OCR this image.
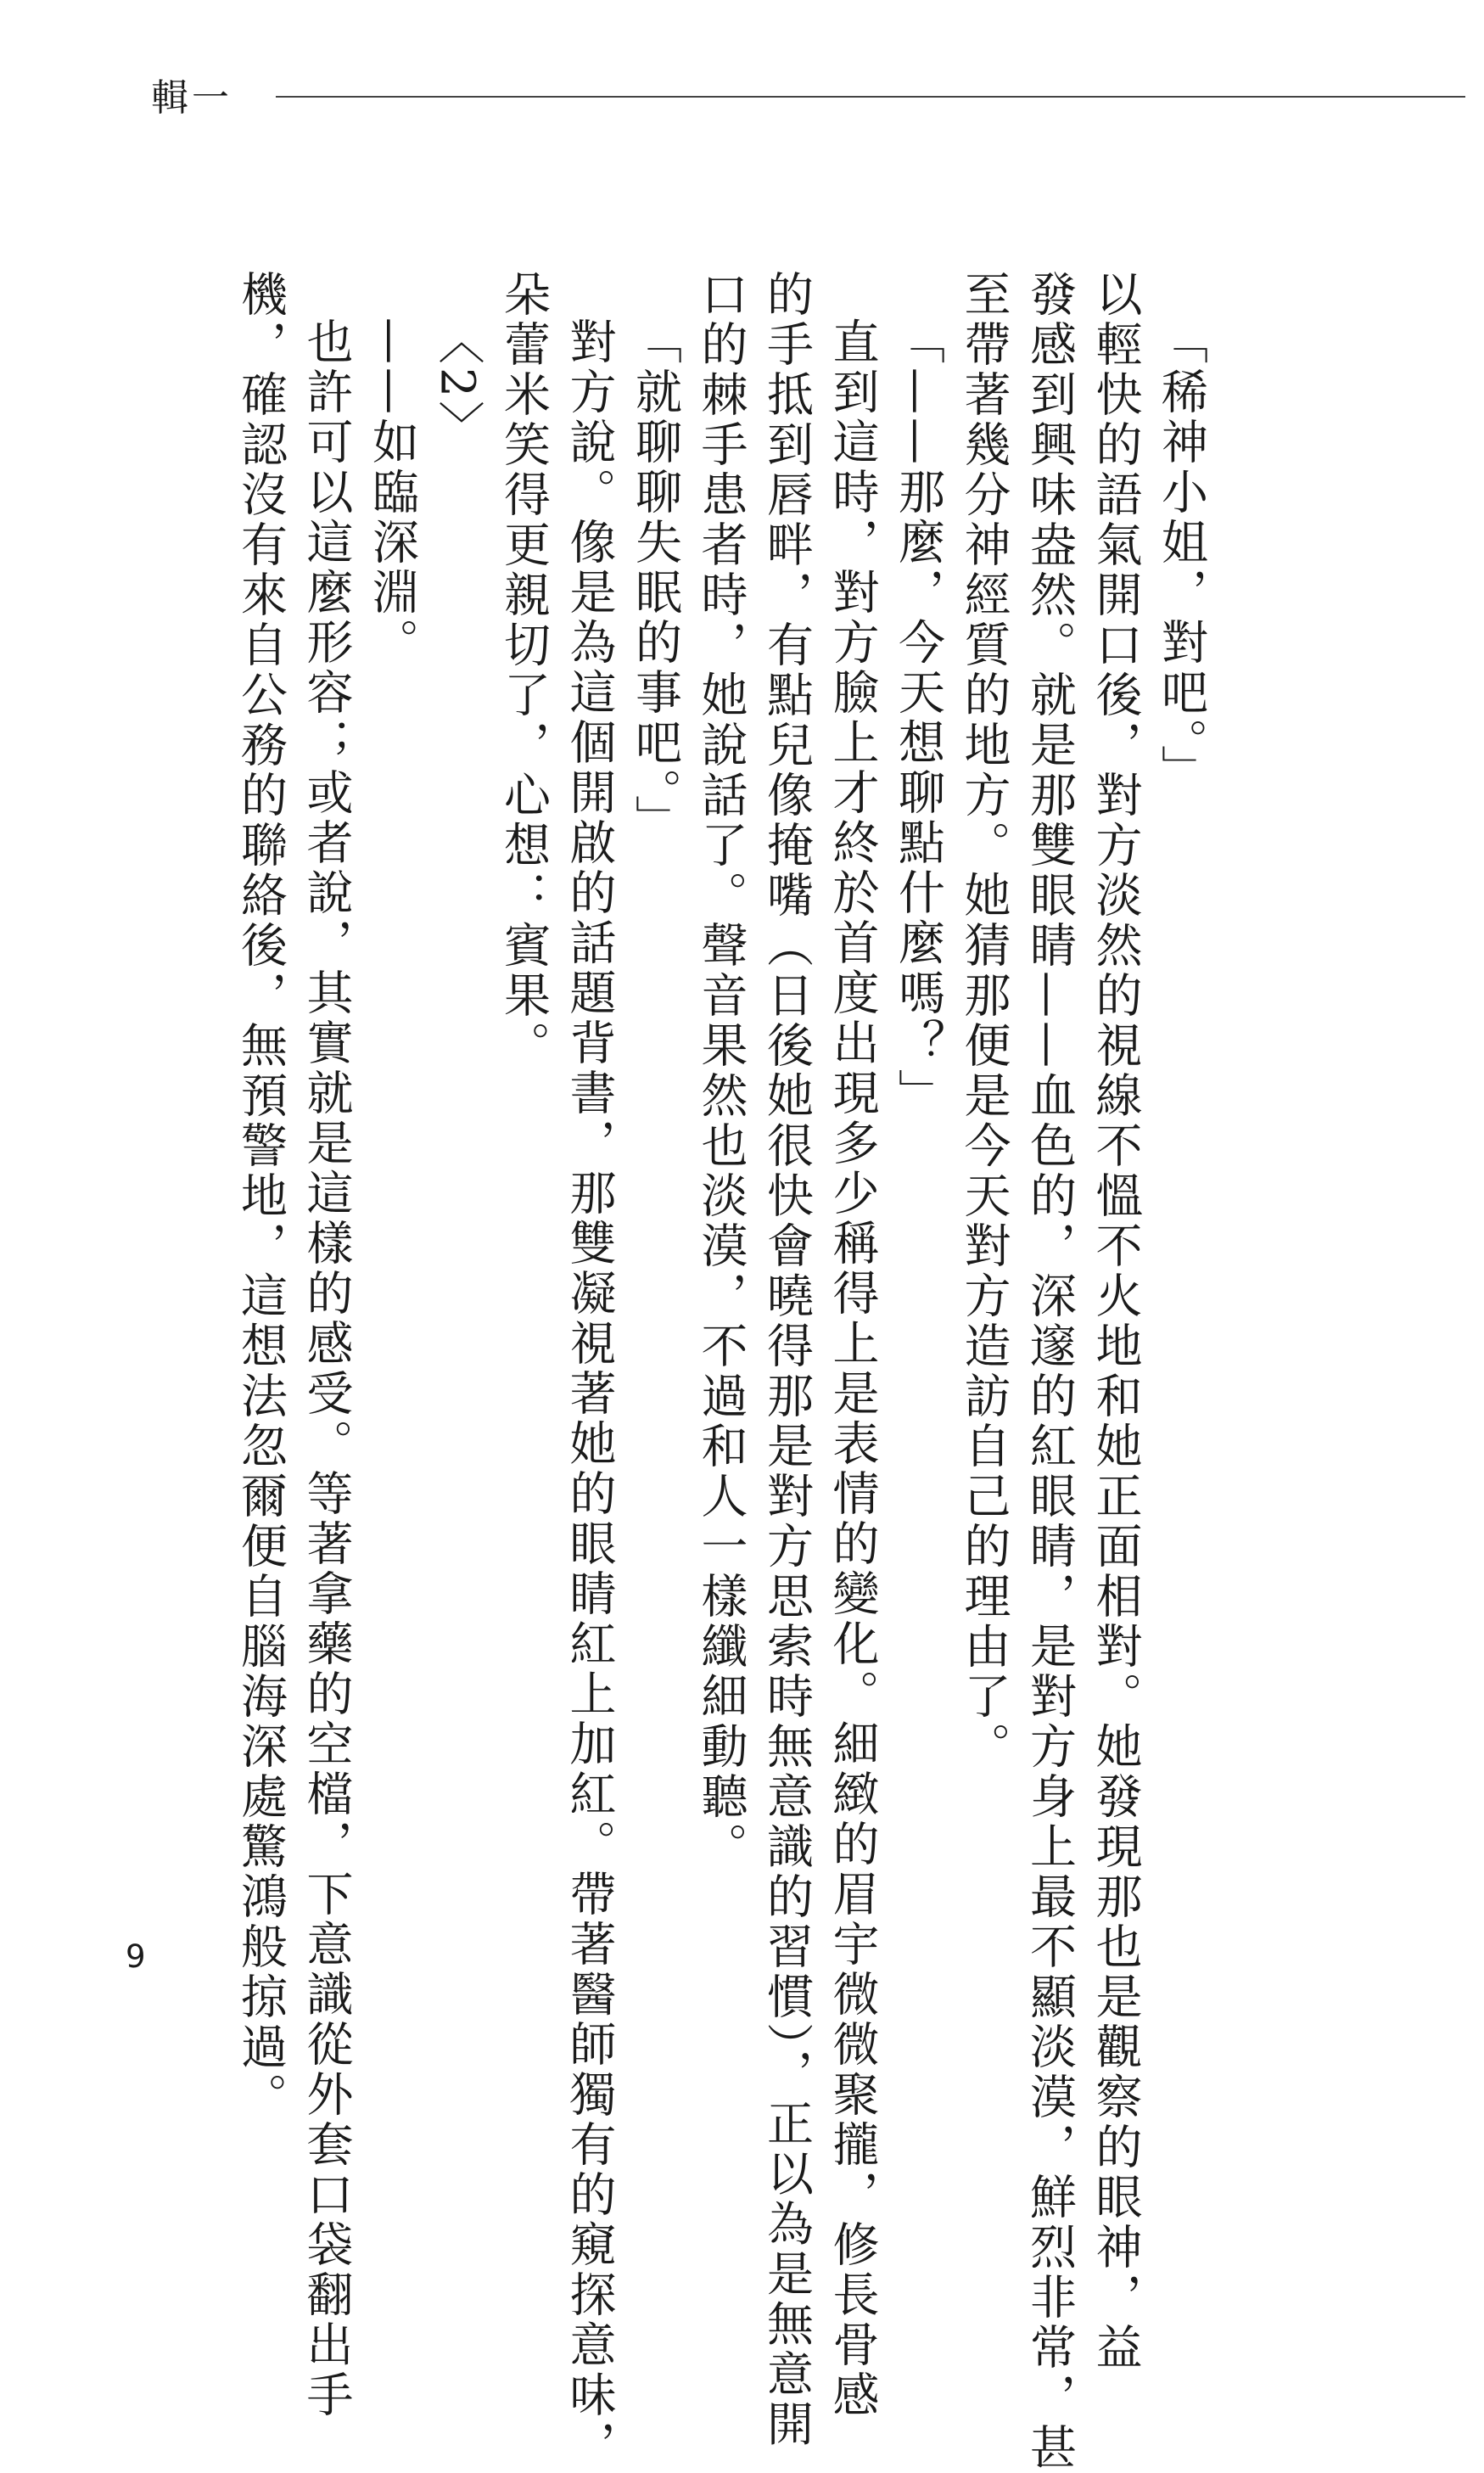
輯一

「稀神小姐，對吧。」

以輕快的語氣開口後，對方淡然的視線不慍不火地和她正面相對。她發現那也是觀察的眼神，益

發感到興味盎然。就是那雙眼睛——血色的，深邃的紅眼睛，是對方身上最不顯淡漠，鮮烈非常，甚

至帶著幾分神經質的地方。她猜那便是今天對方造訪自己的理由了。

「——那麼，今天想聊點什麼嗎？」

直到這時，對方臉上才終於首度出現多少稱得上是表情的變化。細緻的眉宇微微聚攏，修長骨感

的手抵到唇畔，有點兒像掩嘴（日後她很快會曉得那是對方思索時無意識的習慣），正以為是無意開

口的棘手患者時，她說話了。聲音果然也淡漠，不過和人一樣纖細動聽。

「就聊聊失眠的事吧。」

對方說。像是為這個開啟的話題背書，那雙凝視著她的眼睛紅上加紅。帶著醫師獨有的窺探意味，

朵蕾米笑得更親切了，心想：賓果。

〈2〉

——如臨深淵。

也許可以這麼形容；或者說，其實就是這樣的感受。等著拿藥的空檔，下意識從外套口袋翻出手

機，確認沒有來自公務的聯絡後，無預警地，這想法忽爾便自腦海深處驚鴻般掠過。

9
